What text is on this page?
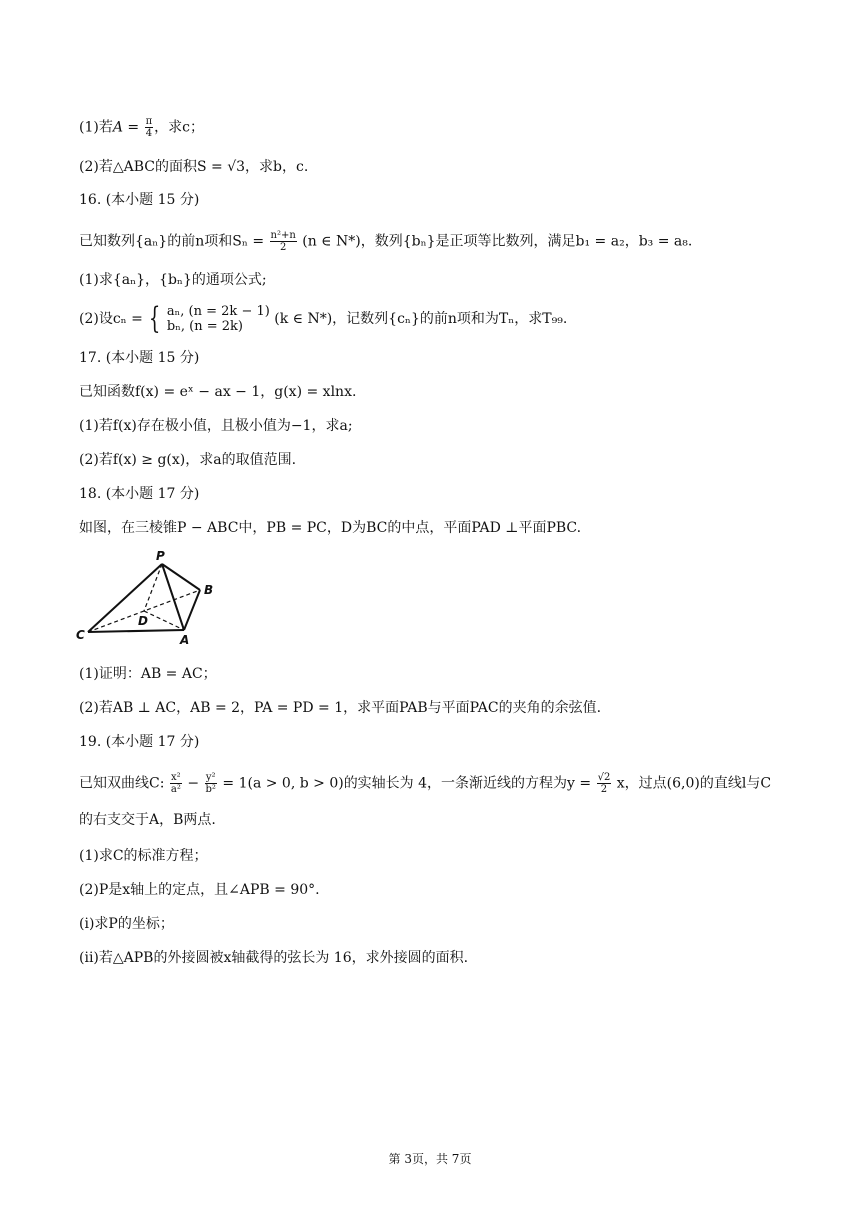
(1)若$A = \frac{\pi}{4}$ ，求c；
(2)若△ABC的面积S = √3，求b，c.
16. (本小题 15 分)
已知数列{aₙ}的前n项和$S_n = \frac{\text{n²+n}}{2} (n$ ∈ N*)，数列{bₙ}是正项等比数列，满足b₁ = a₂，b₃ = a₈.
(1)求{aₙ}，{bₙ}的通项公式;
(2)设cₙ = { aₙ, (n = 2k − 1)
bₙ, (n = 2k)	(k ∈ N*)，记数列{cₙ}的前n项和为Tₙ，求T₉₉.
17. (本小题 15 分)
已知函数f(x) = eˣ − ax − 1，g(x) = xlnx.
(1)若f(x)存在极小值，且极小值为−1，求a;
(2)若f(x) ≥ g(x)，求a的取值范围.
18. (本小题 17 分)
如图，在三棱锥P − ABC中，PB = PC，D为BC的中点，平面PAD ⊥平面PBC.
P
B
C
D
A
(1)证明：AB = AC；
(2)若AB ⊥ AC，AB = 2，PA = PD = 1，求平面PAB与平面PAC的夹角的余弦值.
19. (本小题 17 分)
已知双曲线C: $\frac{\text{x²}}{\text{a²}} - \frac{\text{y²}}{\text{b²}} = 1(a > 0$, b > 0)的实轴长为 4，一条渐近线的方程为$y = \frac{√2}{2}$ x，过点(6,0)的直线l与C
的右支交于A，B两点.
(1)求C的标准方程；
(2)P是x轴上的定点，且∠APB = 90°.
(i)求P的坐标；
(ii)若△APB的外接圆被x轴截得的弦长为 16，求外接圆的面积.
第 3页，共 7页
